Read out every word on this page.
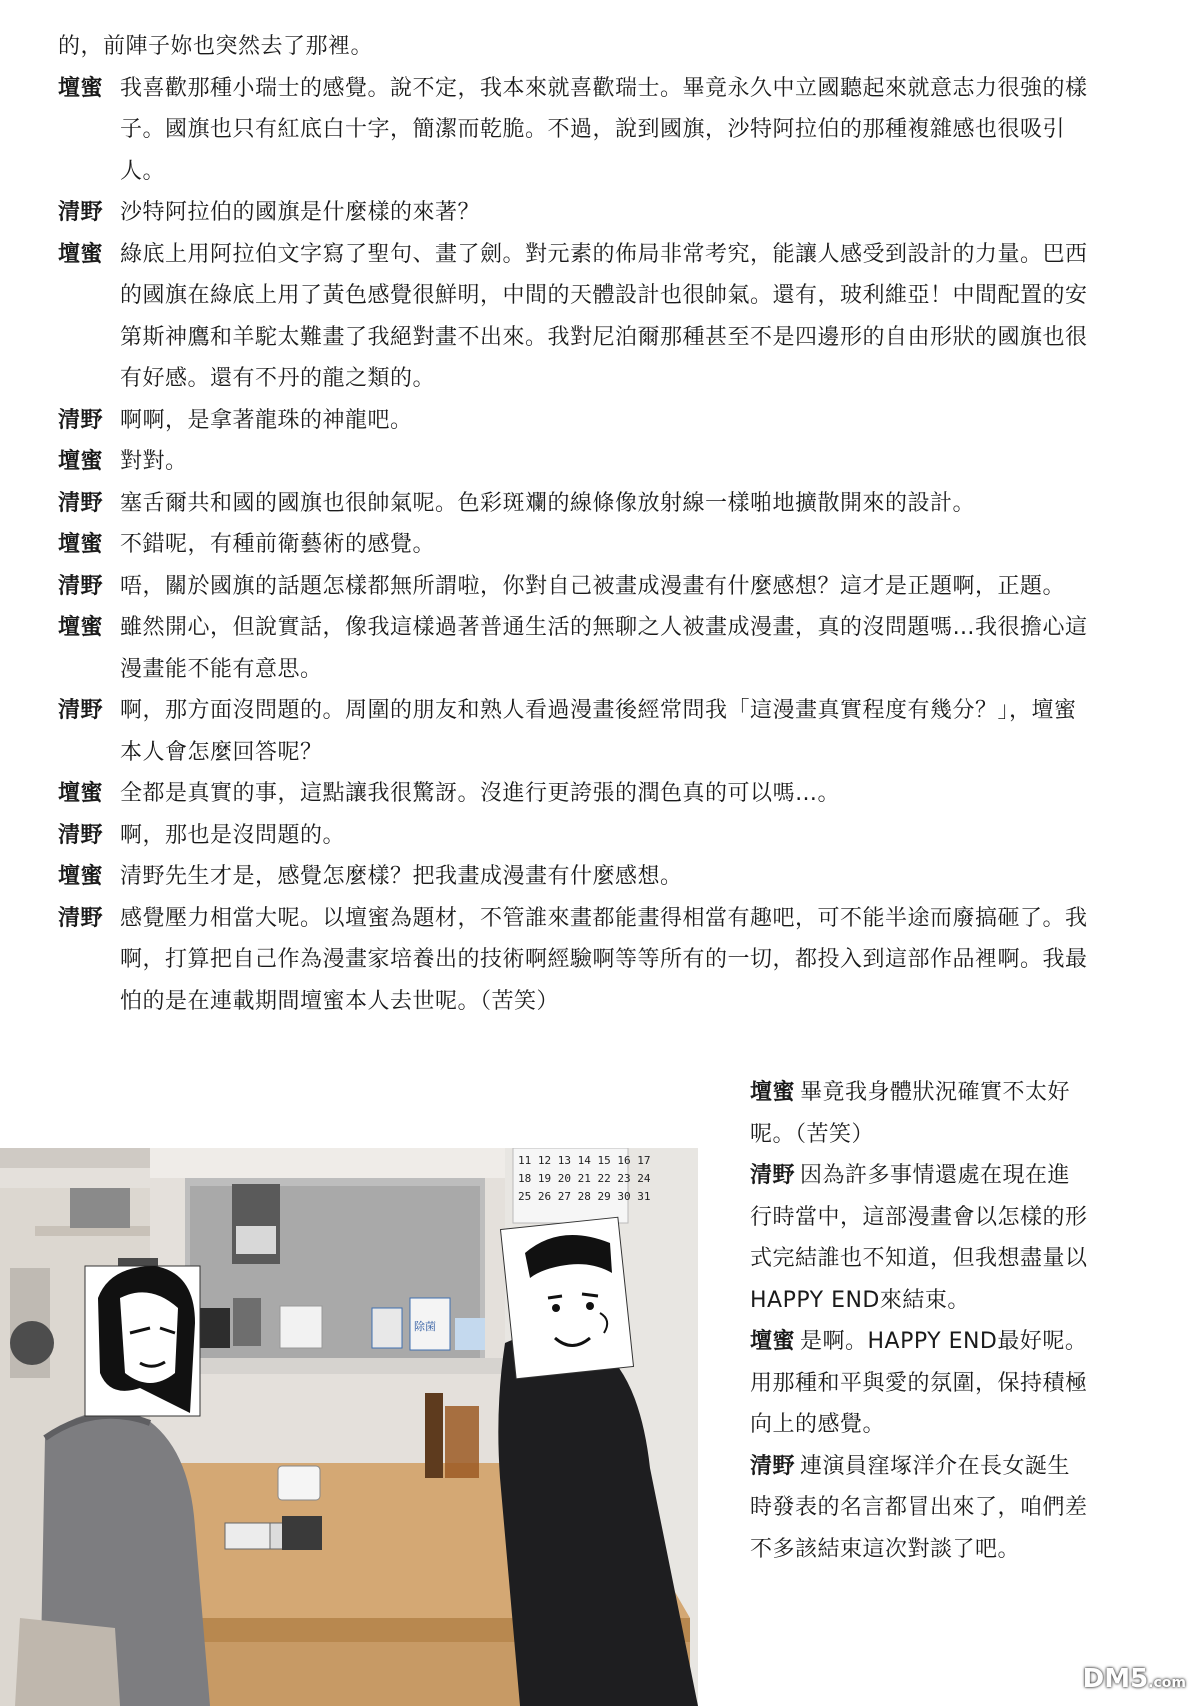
的，前陣子妳也突然去了那裡。

壇蜜 我喜歡那種小瑞士的感覺。說不定，我本來就喜歡瑞士。畢竟永久中立國聽起來就意志力很強的樣子。國旗也只有紅底白十字，簡潔而乾脆。不過，說到國旗，沙特阿拉伯的那種複雜感也很吸引人。

清野 沙特阿拉伯的國旗是什麼樣的來著？

壇蜜 綠底上用阿拉伯文字寫了聖句、畫了劍。對元素的佈局非常考究，能讓人感受到設計的力量。巴西的國旗在綠底上用了黃色感覺很鮮明，中間的天體設計也很帥氣。還有，玻利維亞！中間配置的安第斯神鷹和羊駝太難畫了我絕對畫不出來。我對尼泊爾那種甚至不是四邊形的自由形狀的國旗也很有好感。還有不丹的龍之類的。

清野 啊啊，是拿著龍珠的神龍吧。

壇蜜 對對。

清野 塞舌爾共和國的國旗也很帥氣呢。色彩斑斕的線條像放射線一樣啪地擴散開來的設計。

壇蜜 不錯呢，有種前衛藝術的感覺。

清野 唔，關於國旗的話題怎樣都無所謂啦，你對自己被畫成漫畫有什麼感想？這才是正題啊，正題。

壇蜜 雖然開心，但說實話，像我這樣過著普通生活的無聊之人被畫成漫畫，真的沒問題嗎…我很擔心這漫畫能不能有意思。

清野 啊，那方面沒問題的。周圍的朋友和熟人看過漫畫後經常問我「這漫畫真實程度有幾分？」，壇蜜本人會怎麼回答呢？

壇蜜 全都是真實的事，這點讓我很驚訝。沒進行更誇張的潤色真的可以嗎…。

清野 啊，那也是沒問題的。

壇蜜 清野先生才是，感覺怎麼樣？把我畫成漫畫有什麼感想。

清野 感覺壓力相當大呢。以壇蜜為題材，不管誰來畫都能畫得相當有趣吧，可不能半途而廢搞砸了。我啊，打算把自己作為漫畫家培養出的技術啊經驗啊等等所有的一切，都投入到這部作品裡啊。我最怕的是在連載期間壇蜜本人去世呢。（苦笑）

壇蜜 畢竟我身體狀況確實不太好呢。（苦笑）

清野 因為許多事情還處在現在進行時當中，這部漫畫會以怎樣的形式完結誰也不知道，但我想盡量以HAPPY END來結束。

壇蜜 是啊。HAPPY END最好呢。用那種和平與愛的氛圍，保持積極向上的感覺。

清野 連演員窪塚洋介在長女誕生時發表的名言都冒出來了，咱們差不多該結束這次對談了吧。

11 12 13 14 15 16 17
18 19 20 21 22 23 24
25 26 27 28 29 30 31
除菌
DM5.com
